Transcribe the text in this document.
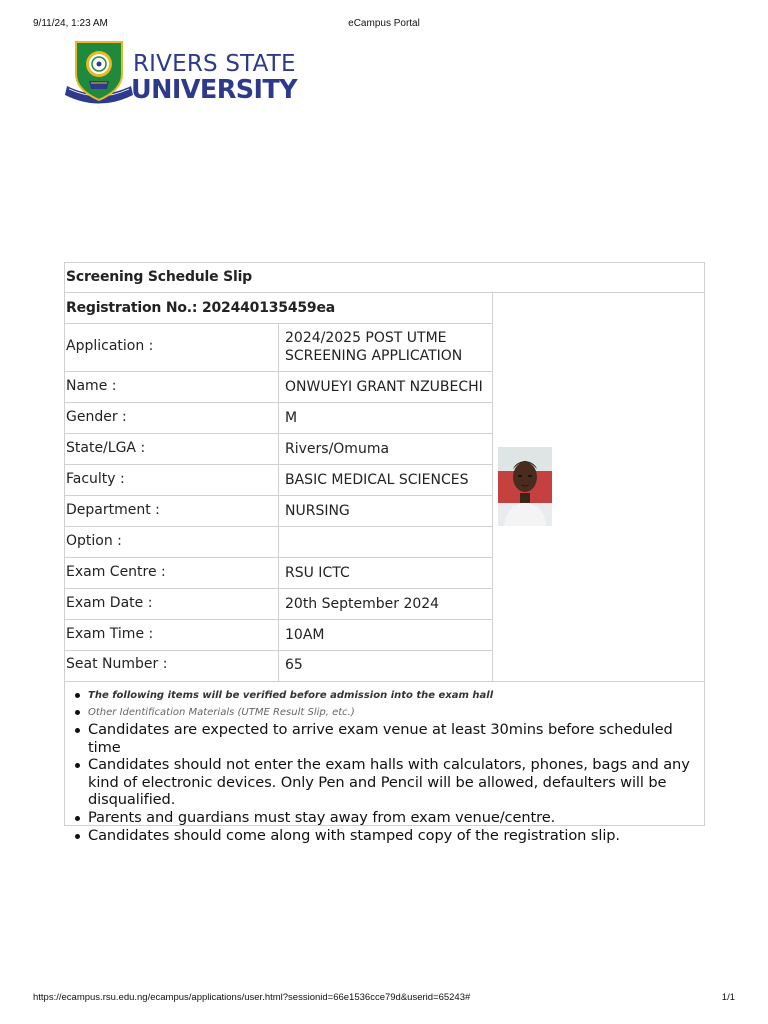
9/11/24, 1:23 AM	eCampus Portal
RIVERS STATE
UNIVERSITY
Screening Schedule Slip
Registration No.: 202440135459ea
Application :	2024/2025 POST UTME SCREENING APPLICATION
Name :	ONWUEYI GRANT NZUBECHI
Gender :	M
State/LGA :	Rivers/Omuma
Faculty :	BASIC MEDICAL SCIENCES
Department :	NURSING
Option :
Exam Centre :	RSU ICTC
Exam Date :	20th September 2024
Exam Time :	10AM
Seat Number :	65
The following items will be verified before admission into the exam hall
Other Identification Materials (UTME Result Slip, etc.)
Candidates are expected to arrive exam venue at least 30mins before scheduled time
Candidates should not enter the exam halls with calculators, phones, bags and any kind of electronic devices. Only Pen and Pencil will be allowed, defaulters will be disqualified.
Parents and guardians must stay away from exam venue/centre.
Candidates should come along with stamped copy of the registration slip.
https://ecampus.rsu.edu.ng/ecampus/applications/user.html?sessionid=66e1536cce79d&userid=65243#	1/1
